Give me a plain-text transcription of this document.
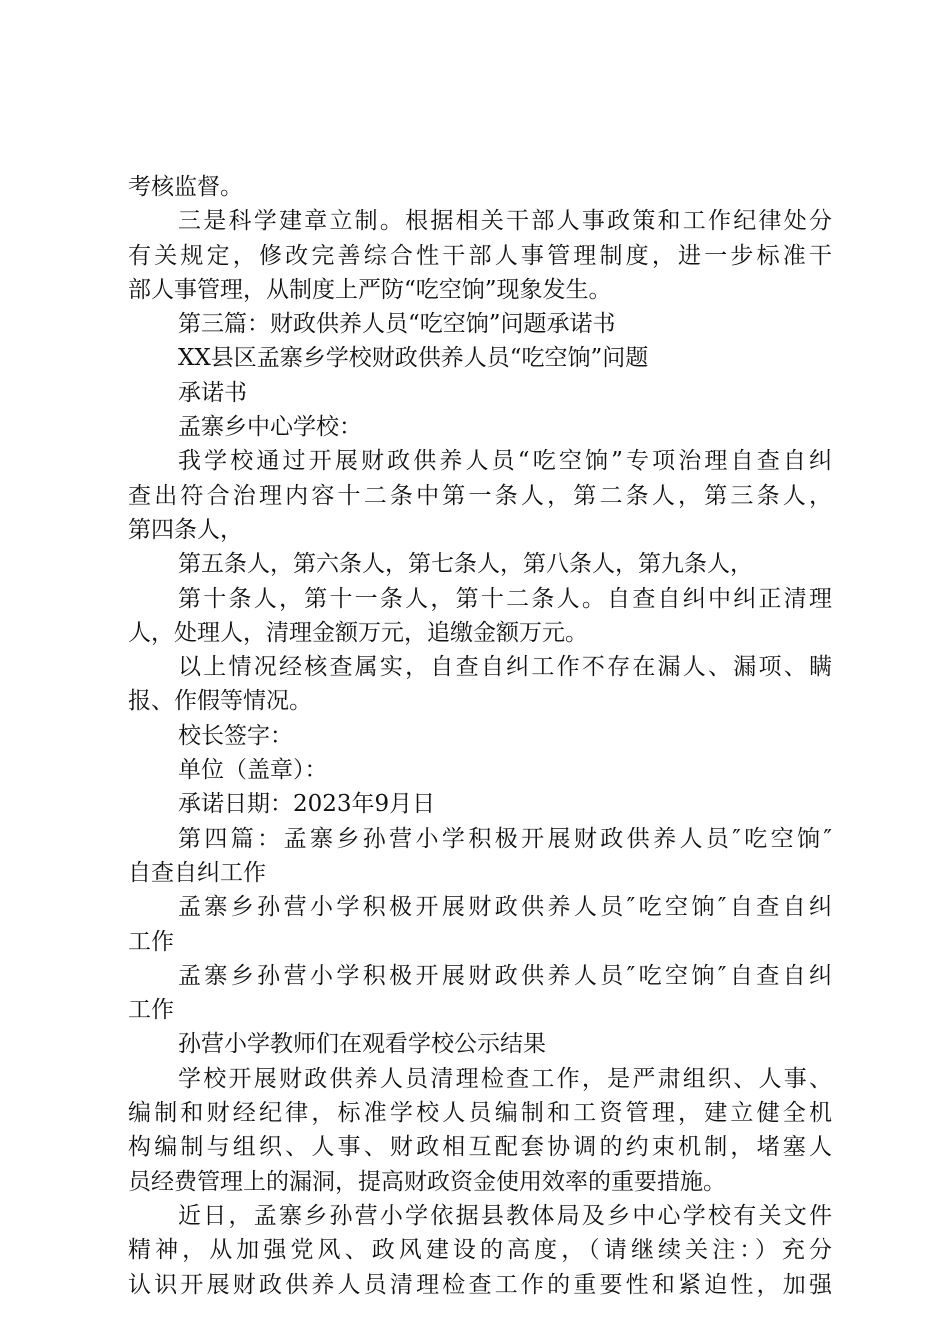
考核监督。
三是科学建章立制。根据相关干部人事政策和工作纪律处分
有关规定，修改完善综合性干部人事管理制度，进一步标准干
部人事管理，从制度上严防“吃空饷”现象发生。
第三篇：财政供养人员“吃空饷”问题承诺书
XX县区孟寨乡学校财政供养人员“吃空饷”问题
承诺书
孟寨乡中心学校：
我学校通过开展财政供养人员“吃空饷”专项治理自查自纠
查出符合治理内容十二条中第一条人，第二条人，第三条人，
第四条人，
第五条人，第六条人，第七条人，第八条人，第九条人，
第十条人，第十一条人，第十二条人。自查自纠中纠正清理
人，处理人，清理金额万元，追缴金额万元。
以上情况经核查属实，自查自纠工作不存在漏人、漏项、瞒
报、作假等情况。
校长签字：
单位（盖章）：
承诺日期：2023年9月日
第四篇：孟寨乡孙营小学积极开展财政供养人员″吃空饷″
自查自纠工作
孟寨乡孙营小学积极开展财政供养人员″吃空饷″自查自纠
工作
孟寨乡孙营小学积极开展财政供养人员″吃空饷″自查自纠
工作
孙营小学教师们在观看学校公示结果
学校开展财政供养人员清理检查工作，是严肃组织、人事、
编制和财经纪律，标准学校人员编制和工资管理，建立健全机
构编制与组织、人事、财政相互配套协调的约束机制，堵塞人
员经费管理上的漏洞，提高财政资金使用效率的重要措施。
近日，孟寨乡孙营小学依据县教体局及乡中心学校有关文件
精神，从加强党风、政风建设的高度，（请继续关注：）充分
认识开展财政供养人员清理检查工作的重要性和紧迫性，加强
